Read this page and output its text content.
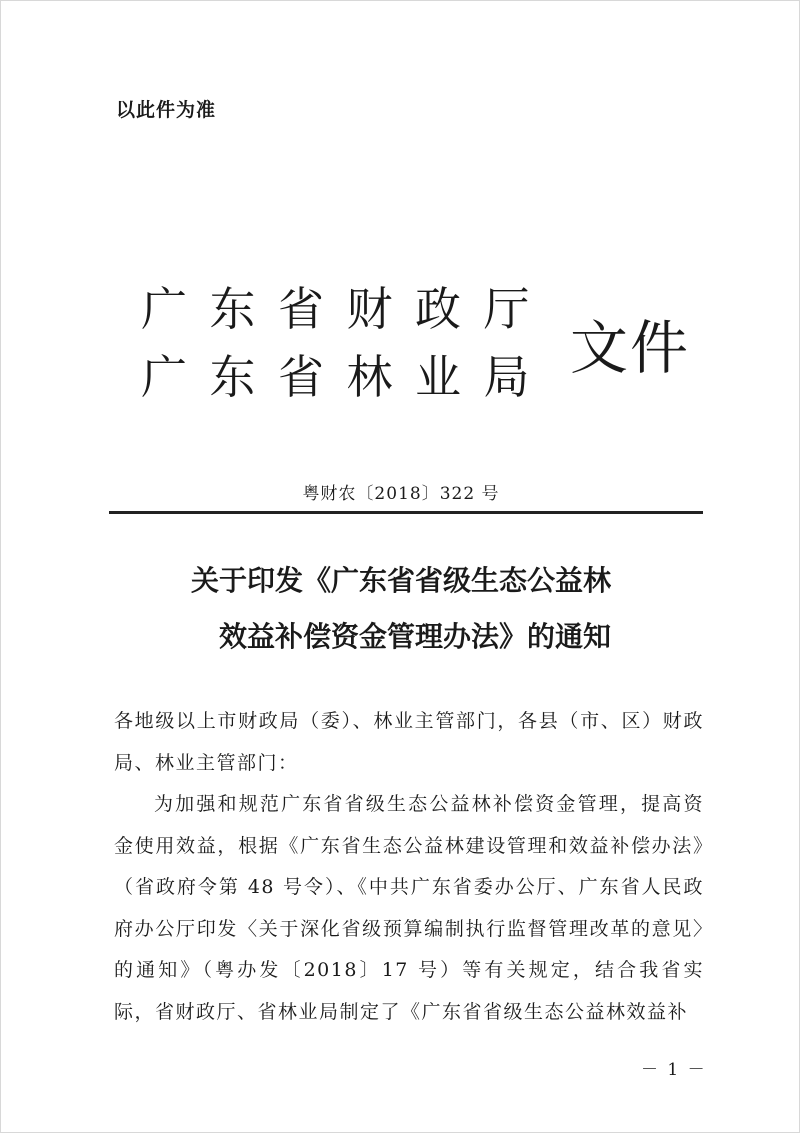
以此件为准
广 东 省 财 政 厅
广 东 省 林 业 局 文件
粤财农〔2018〕322 号
关于印发《广东省省级生态公益林
效益补偿资金管理办法》的通知

各地级以上市财政局（委）、林业主管部门，各县（市、区）财政局、林业主管部门：

为加强和规范广东省省级生态公益林补偿资金管理，提高资金使用效益，根据《广东省生态公益林建设管理和效益补偿办法》（省政府令第 48 号令）、《中共广东省委办公厅、广东省人民政府办公厅印发〈关于深化省级预算编制执行监督管理改革的意见〉的通知》（粤办发〔2018〕17 号）等有关规定，结合我省实际，省财政厅、省林业局制定了《广东省省级生态公益林效益补

－ 1 －
